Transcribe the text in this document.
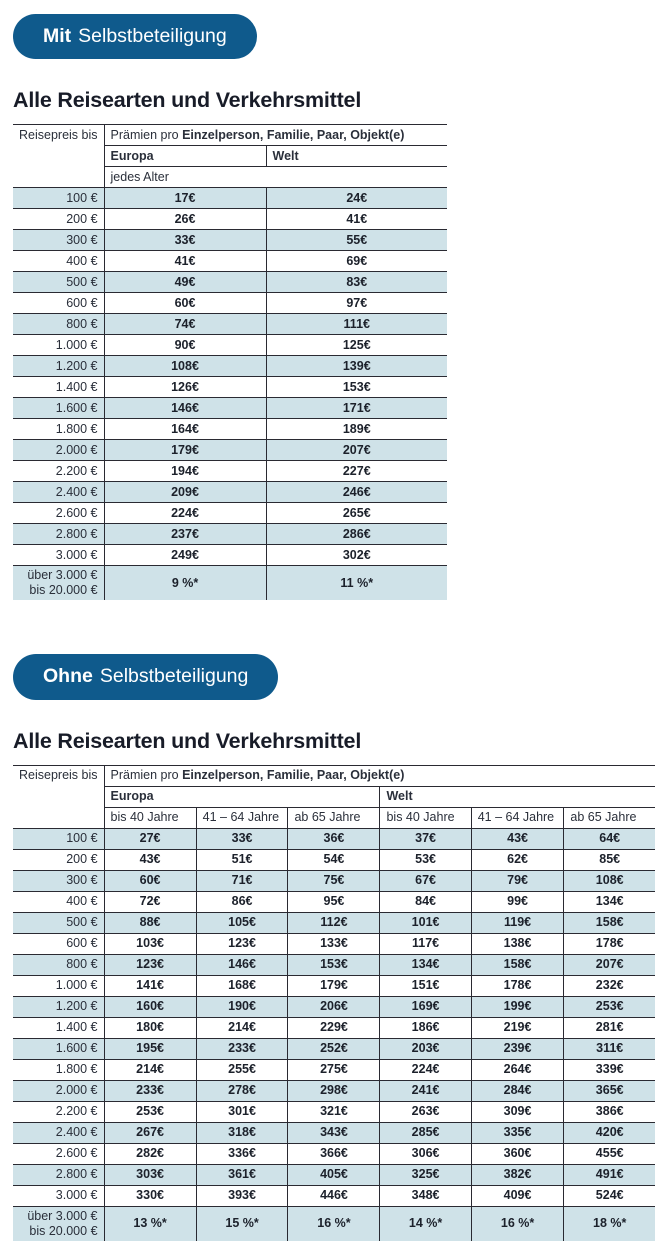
Mit Selbstbeteiligung
Alle Reisearten und Verkehrsmittel
Reisepreis bis	Prämien pro Einzelperson, Familie, Paar, Objekt(e)	
	Europa	Welt
	jedes Alter	
100 €	17€	24€
200 €	26€	41€
300 €	33€	55€
400 €	41€	69€
500 €	49€	83€
600 €	60€	97€
800 €	74€	111€
1.000 €	90€	125€
1.200 €	108€	139€
1.400 €	126€	153€
1.600 €	146€	171€
1.800 €	164€	189€
2.000 €	179€	207€
2.200 €	194€	227€
2.400 €	209€	246€
2.600 €	224€	265€
2.800 €	237€	286€
3.000 €	249€	302€
über 3.000 €
bis 20.000 €	9 %*	11 %*
Ohne Selbstbeteiligung
Alle Reisearten und Verkehrsmittel
Reisepreis bis	Prämien pro Einzelperson, Familie, Paar, Objekt(e)					
	Europa			Welt		
	bis 40 Jahre	41 – 64 Jahre	ab 65 Jahre	bis 40 Jahre	41 – 64 Jahre	ab 65 Jahre
100 €	27€	33€	36€	37€	43€	64€
200 €	43€	51€	54€	53€	62€	85€
300 €	60€	71€	75€	67€	79€	108€
400 €	72€	86€	95€	84€	99€	134€
500 €	88€	105€	112€	101€	119€	158€
600 €	103€	123€	133€	117€	138€	178€
800 €	123€	146€	153€	134€	158€	207€
1.000 €	141€	168€	179€	151€	178€	232€
1.200 €	160€	190€	206€	169€	199€	253€
1.400 €	180€	214€	229€	186€	219€	281€
1.600 €	195€	233€	252€	203€	239€	311€
1.800 €	214€	255€	275€	224€	264€	339€
2.000 €	233€	278€	298€	241€	284€	365€
2.200 €	253€	301€	321€	263€	309€	386€
2.400 €	267€	318€	343€	285€	335€	420€
2.600 €	282€	336€	366€	306€	360€	455€
2.800 €	303€	361€	405€	325€	382€	491€
3.000 €	330€	393€	446€	348€	409€	524€
über 3.000 €
bis 20.000 €	13 %*	15 %*	16 %*	14 %*	16 %*	18 %*
